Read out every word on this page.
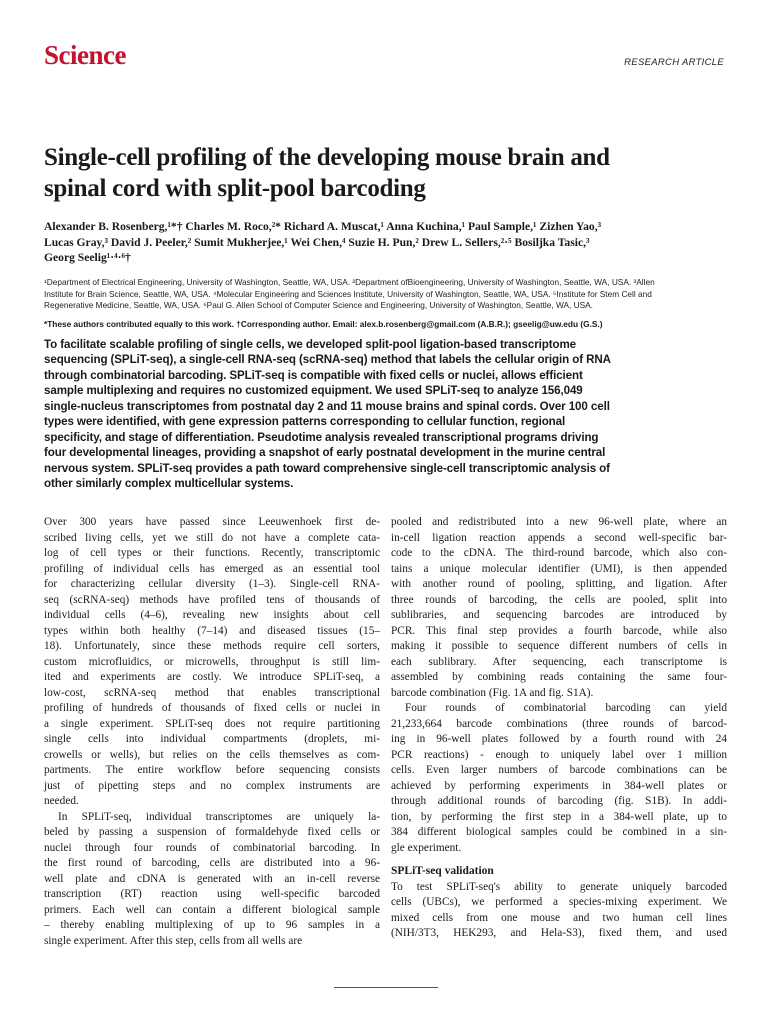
Science	RESEARCH ARTICLE
Single-cell profiling of the developing mouse brain and
spinal cord with split-pool barcoding
Alexander B. Rosenberg,¹*† Charles M. Roco,²* Richard A. Muscat,¹ Anna Kuchina,¹ Paul Sample,¹ Zizhen Yao,³
Lucas Gray,³ David J. Peeler,² Sumit Mukherjee,¹ Wei Chen,⁴ Suzie H. Pun,² Drew L. Sellers,²·⁵ Bosiljka Tasic,³
Georg Seelig¹·⁴·⁶†
¹Department of Electrical Engineering, University of Washington, Seattle, WA, USA. ²Department ofBioengineering, University of Washington, Seattle, WA, USA. ³Allen
Institute for Brain Science, Seattle, WA, USA. ⁴Molecular Engineering and Sciences Institute, University of Washington, Seattle, WA, USA. ⁵Institute for Stem Cell and
Regenerative Medicine, Seattle, WA, USA. ⁶Paul G. Allen School of Computer Science and Engineering, University of Washington, Seattle, WA, USA.
*These authors contributed equally to this work. †Corresponding author. Email: alex.b.rosenberg@gmail.com (A.B.R.); gseelig@uw.edu (G.S.)
To facilitate scalable profiling of single cells, we developed split-pool ligation-based transcriptome
sequencing (SPLiT-seq), a single-cell RNA-seq (scRNA-seq) method that labels the cellular origin of RNA
through combinatorial barcoding. SPLiT-seq is compatible with fixed cells or nuclei, allows efficient
sample multiplexing and requires no customized equipment. We used SPLiT-seq to analyze 156,049
single-nucleus transcriptomes from postnatal day 2 and 11 mouse brains and spinal cords. Over 100 cell
types were identified, with gene expression patterns corresponding to cellular function, regional
specificity, and stage of differentiation. Pseudotime analysis revealed transcriptional programs driving
four developmental lineages, providing a snapshot of early postnatal development in the murine central
nervous system. SPLiT-seq provides a path toward comprehensive single-cell transcriptomic analysis of
other similarly complex multicellular systems.
Over 300 years have passed since Leeuwenhoek first de-
scribed living cells, yet we still do not have a complete cata-
log of cell types or their functions. Recently, transcriptomic
profiling of individual cells has emerged as an essential tool
for characterizing cellular diversity (1–3). Single-cell RNA-
seq (scRNA-seq) methods have profiled tens of thousands of
individual cells (4–6), revealing new insights about cell
types within both healthy (7–14) and diseased tissues (15–
18). Unfortunately, since these methods require cell sorters,
custom microfluidics, or microwells, throughput is still lim-
ited and experiments are costly. We introduce SPLiT-seq, a
low-cost, scRNA-seq method that enables transcriptional
profiling of hundreds of thousands of fixed cells or nuclei in
a single experiment. SPLiT-seq does not require partitioning
single cells into individual compartments (droplets, mi-
crowells or wells), but relies on the cells themselves as com-
partments. The entire workflow before sequencing consists
just of pipetting steps and no complex instruments are
needed.
In SPLiT-seq, individual transcriptomes are uniquely la-
beled by passing a suspension of formaldehyde fixed cells or
nuclei through four rounds of combinatorial barcoding. In
the first round of barcoding, cells are distributed into a 96-
well plate and cDNA is generated with an in-cell reverse
transcription (RT) reaction using well-specific barcoded
primers. Each well can contain a different biological sample
– thereby enabling multiplexing of up to 96 samples in a
single experiment. After this step, cells from all wells are
pooled and redistributed into a new 96-well plate, where an
in-cell ligation reaction appends a second well-specific bar-
code to the cDNA. The third-round barcode, which also con-
tains a unique molecular identifier (UMI), is then appended
with another round of pooling, splitting, and ligation. After
three rounds of barcoding, the cells are pooled, split into
sublibraries, and sequencing barcodes are introduced by
PCR. This final step provides a fourth barcode, while also
making it possible to sequence different numbers of cells in
each sublibrary. After sequencing, each transcriptome is
assembled by combining reads containing the same four-
barcode combination (Fig. 1A and fig. S1A).
Four rounds of combinatorial barcoding can yield
21,233,664 barcode combinations (three rounds of barcod-
ing in 96-well plates followed by a fourth round with 24
PCR reactions) - enough to uniquely label over 1 million
cells. Even larger numbers of barcode combinations can be
achieved by performing experiments in 384-well plates or
through additional rounds of barcoding (fig. S1B). In addi-
tion, by performing the first step in a 384-well plate, up to
384 different biological samples could be combined in a sin-
gle experiment.
SPLiT-seq validation
To test SPLiT-seq's ability to generate uniquely barcoded
cells (UBCs), we performed a species-mixing experiment. We
mixed cells from one mouse and two human cell lines
(NIH/3T3, HEK293, and Hela-S3), fixed them, and used
